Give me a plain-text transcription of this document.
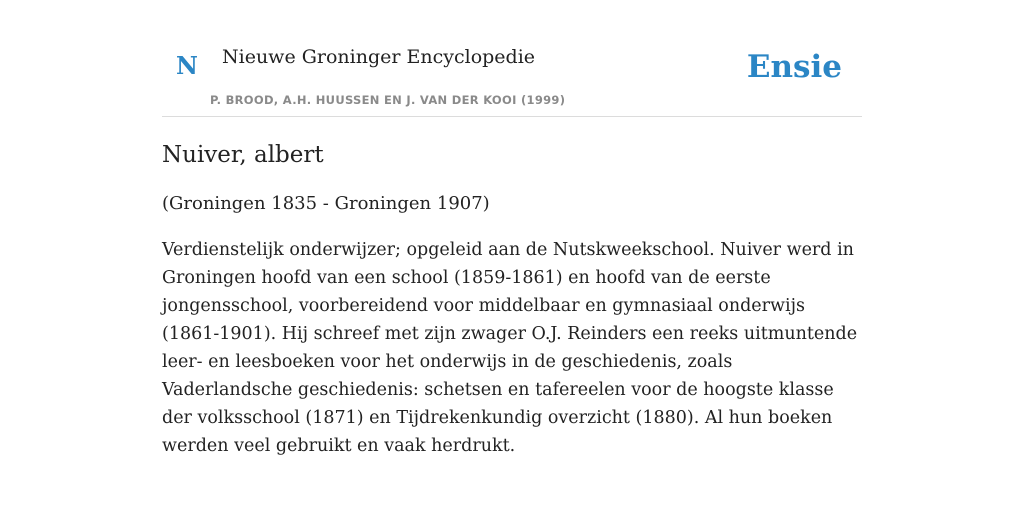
N Nieuwe Groninger Encyclopedie
P. BROOD, A.H. HUUSSEN EN J. VAN DER KOOI (1999)
Ensie
Nuiver, albert

(Groningen 1835 - Groningen 1907)

Verdienstelijk onderwijzer; opgeleid aan de Nutskweekschool. Nuiver werd in Groningen hoofd van een school (1859-1861) en hoofd van de eerste jongensschool, voorbereidend voor middelbaar en gymnasiaal onderwijs (1861-1901). Hij schreef met zijn zwager O.J. Reinders een reeks uitmuntende leer- en leesboeken voor het onderwijs in de geschiedenis, zoals Vaderlandsche geschiedenis: schetsen en tafereelen voor de hoogste klasse der volksschool (1871) en Tijdrekenkundig overzicht (1880). Al hun boeken werden veel gebruikt en vaak herdrukt.
